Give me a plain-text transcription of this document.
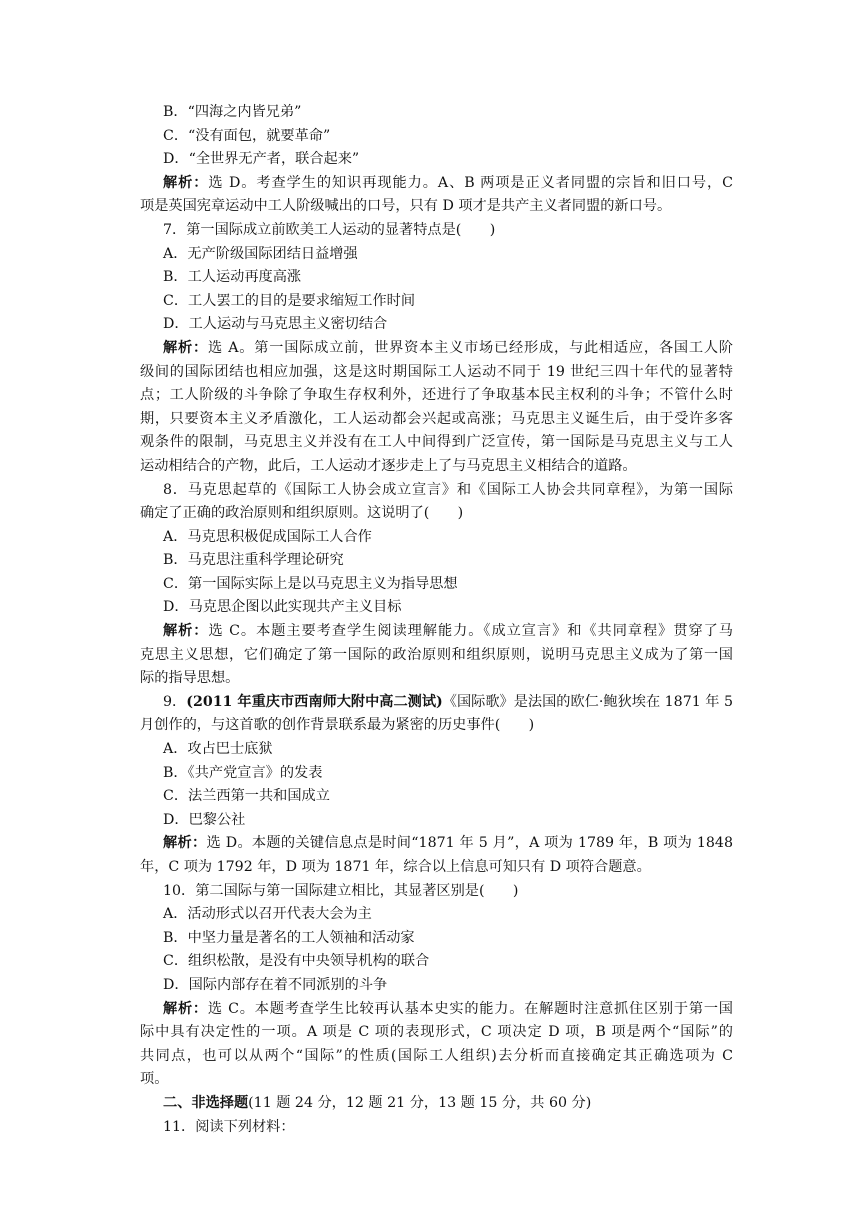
B．“四海之内皆兄弟”
C．“没有面包，就要革命”
D．“全世界无产者，联合起来”
解析：选 D。考查学生的知识再现能力。A、B 两项是正义者同盟的宗旨和旧口号，C
项是英国宪章运动中工人阶级喊出的口号，只有 D 项才是共产主义者同盟的新口号。
7．第一国际成立前欧美工人运动的显著特点是(　　)
A．无产阶级国际团结日益增强
B．工人运动再度高涨
C．工人罢工的目的是要求缩短工作时间
D．工人运动与马克思主义密切结合
解析：选 A。第一国际成立前，世界资本主义市场已经形成，与此相适应，各国工人阶
级间的国际团结也相应加强，这是这时期国际工人运动不同于 19 世纪三四十年代的显著特
点；工人阶级的斗争除了争取生存权利外，还进行了争取基本民主权利的斗争；不管什么时
期，只要资本主义矛盾激化，工人运动都会兴起或高涨；马克思主义诞生后，由于受许多客
观条件的限制，马克思主义并没有在工人中间得到广泛宣传，第一国际是马克思主义与工人
运动相结合的产物，此后，工人运动才逐步走上了与马克思主义相结合的道路。
8．马克思起草的《国际工人协会成立宣言》和《国际工人协会共同章程》，为第一国际
确定了正确的政治原则和组织原则。这说明了(　　)
A．马克思积极促成国际工人合作
B．马克思注重科学理论研究
C．第一国际实际上是以马克思主义为指导思想
D．马克思企图以此实现共产主义目标
解析：选 C。本题主要考查学生阅读理解能力。《成立宣言》和《共同章程》贯穿了马
克思主义思想，它们确定了第一国际的政治原则和组织原则，说明马克思主义成为了第一国
际的指导思想。
9．(2011 年重庆市西南师大附中高二测试)《国际歌》是法国的欧仁·鲍狄埃在 1871 年 5
月创作的，与这首歌的创作背景联系最为紧密的历史事件(　　)
A．攻占巴士底狱
B．《共产党宣言》的发表
C．法兰西第一共和国成立
D．巴黎公社
解析：选 D。本题的关键信息点是时间“1871 年 5 月”，A 项为 1789 年，B 项为 1848
年，C 项为 1792 年，D 项为 1871 年，综合以上信息可知只有 D 项符合题意。
10．第二国际与第一国际建立相比，其显著区别是(　　)
A．活动形式以召开代表大会为主
B．中坚力量是著名的工人领袖和活动家
C．组织松散，是没有中央领导机构的联合
D．国际内部存在着不同派别的斗争
解析：选 C。本题考查学生比较再认基本史实的能力。在解题时注意抓住区别于第一国
际中具有决定性的一项。A 项是 C 项的表现形式，C 项决定 D 项，B 项是两个“国际”的
共同点，也可以从两个“国际”的性质(国际工人组织)去分析而直接确定其正确选项为 C
项。
二、非选择题(11 题 24 分，12 题 21 分，13 题 15 分，共 60 分)
11．阅读下列材料：
